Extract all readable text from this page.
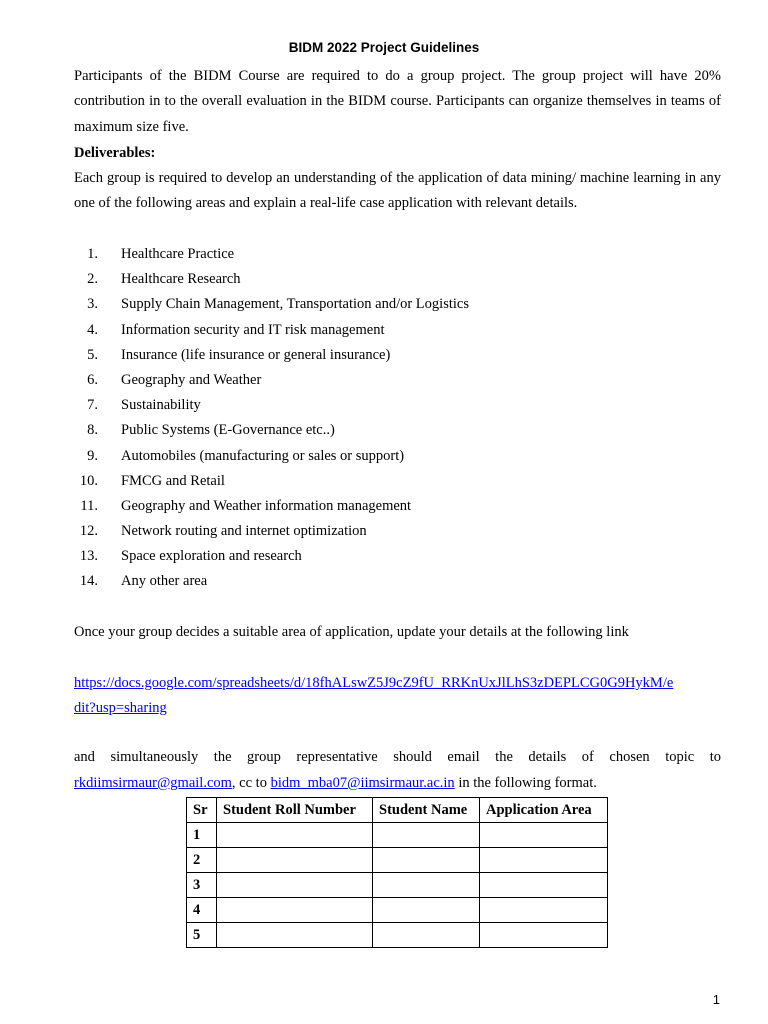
BIDM 2022 Project Guidelines
Participants of the BIDM Course are required to do a group project. The group project will have 20% contribution in to the overall evaluation in the BIDM course. Participants can organize themselves in teams of maximum size five.
Deliverables:
Each group is required to develop an understanding of the application of data mining/ machine learning in any one of the following areas and explain a real-life case application with relevant details.
1. Healthcare Practice
2. Healthcare Research
3. Supply Chain Management, Transportation and/or Logistics
4. Information security and IT risk management
5. Insurance (life insurance or general insurance)
6. Geography and Weather
7. Sustainability
8. Public Systems (E-Governance etc..)
9. Automobiles (manufacturing or sales or support)
10. FMCG and Retail
11. Geography and Weather information management
12. Network routing and internet optimization
13. Space exploration and research
14. Any other area
Once your group decides a suitable area of application, update your details at the following link
https://docs.google.com/spreadsheets/d/18fhALswZ5J9cZ9fU_RRKnUxJlLhS3zDEPLCG0G9HykM/e
dit?usp=sharing
and simultaneously the group representative should email the details of chosen topic to
rkdiimsirmaur@gmail.com, cc to bidm_mba07@iimsirmaur.ac.in in the following format.
Sr	Student Roll Number	Student Name	Application Area
1			
2			
3			
4			
5			
1
